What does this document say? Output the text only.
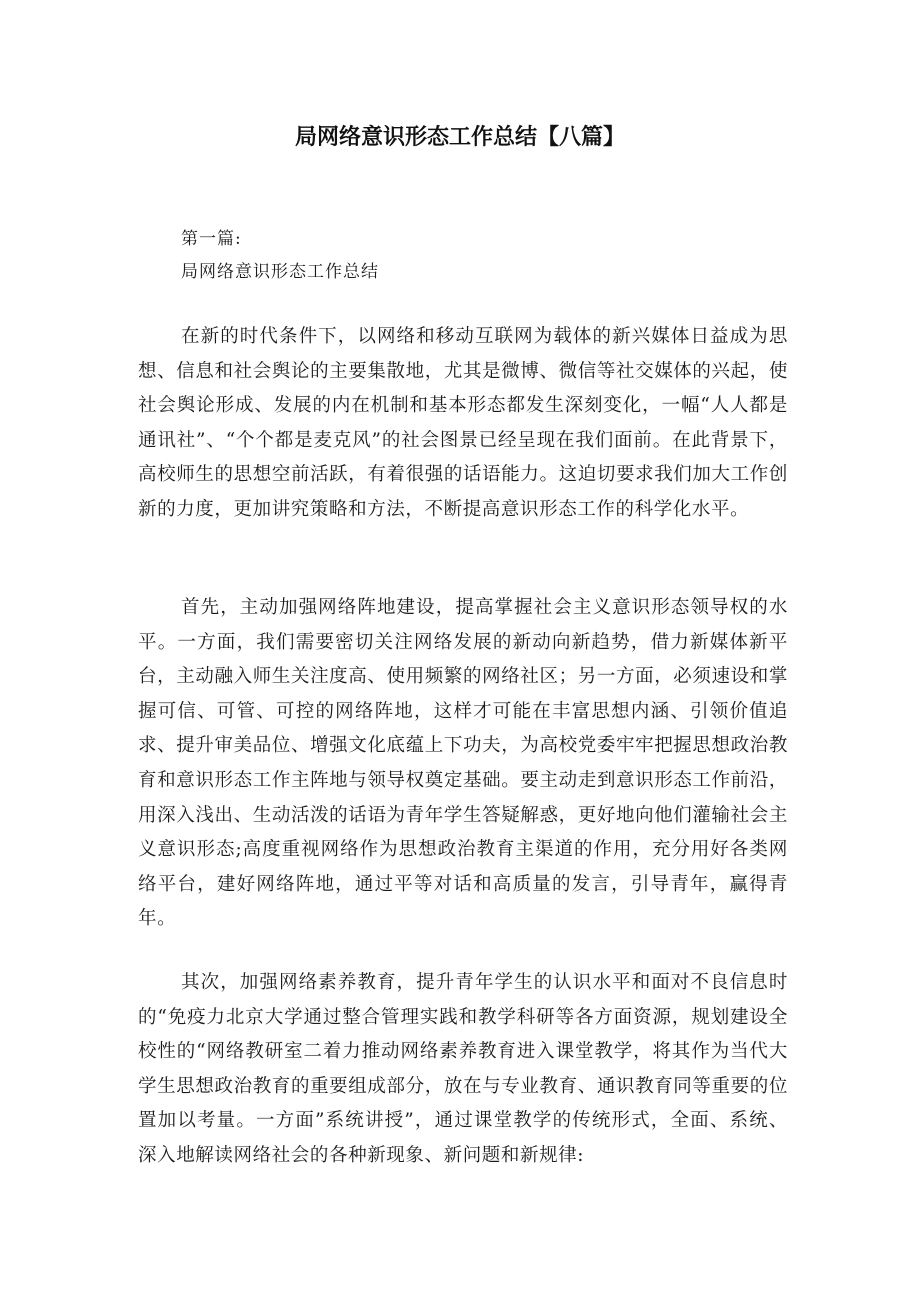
局网络意识形态工作总结【八篇】

第一篇:

局网络意识形态工作总结

在新的时代条件下，以网络和移动互联网为载体的新兴媒体日益成为思想、信息和社会舆论的主要集散地，尤其是微博、微信等社交媒体的兴起，使社会舆论形成、发展的内在机制和基本形态都发生深刻变化，一幅“人人都是通讯社”、“个个都是麦克风”的社会图景已经呈现在我们面前。在此背景下，高校师生的思想空前活跃，有着很强的话语能力。这迫切要求我们加大工作创新的力度，更加讲究策略和方法，不断提高意识形态工作的科学化水平。

首先，主动加强网络阵地建设，提高掌握社会主义意识形态领导权的水平。一方面，我们需要密切关注网络发展的新动向新趋势，借力新媒体新平台，主动融入师生关注度高、使用频繁的网络社区；另一方面，必须速设和掌握可信、可管、可控的网络阵地，这样才可能在丰富思想内涵、引领价值追求、提升审美品位、增强文化底蕴上下功夫，为高校党委牢牢把握思想政治教育和意识形态工作主阵地与领导权奠定基础。要主动走到意识形态工作前沿，用深入浅出、生动活泼的话语为青年学生答疑解惑，更好地向他们灌输社会主义意识形态;高度重视网络作为思想政治教育主渠道的作用，充分用好各类网络平台，建好网络阵地，通过平等对话和高质量的发言，引导青年，赢得青年。

其次，加强网络素养教育，提升青年学生的认识水平和面对不良信息时的“免疫力北京大学通过整合管理实践和教学科研等各方面资源，规划建设全校性的“网络教研室二着力推动网络素养教育进入课堂教学，将其作为当代大学生思想政治教育的重要组成部分，放在与专业教育、通识教育同等重要的位置加以考量。一方面”系统讲授”，通过课堂教学的传统形式，全面、系统、深入地解读网络社会的各种新现象、新问题和新规律:
